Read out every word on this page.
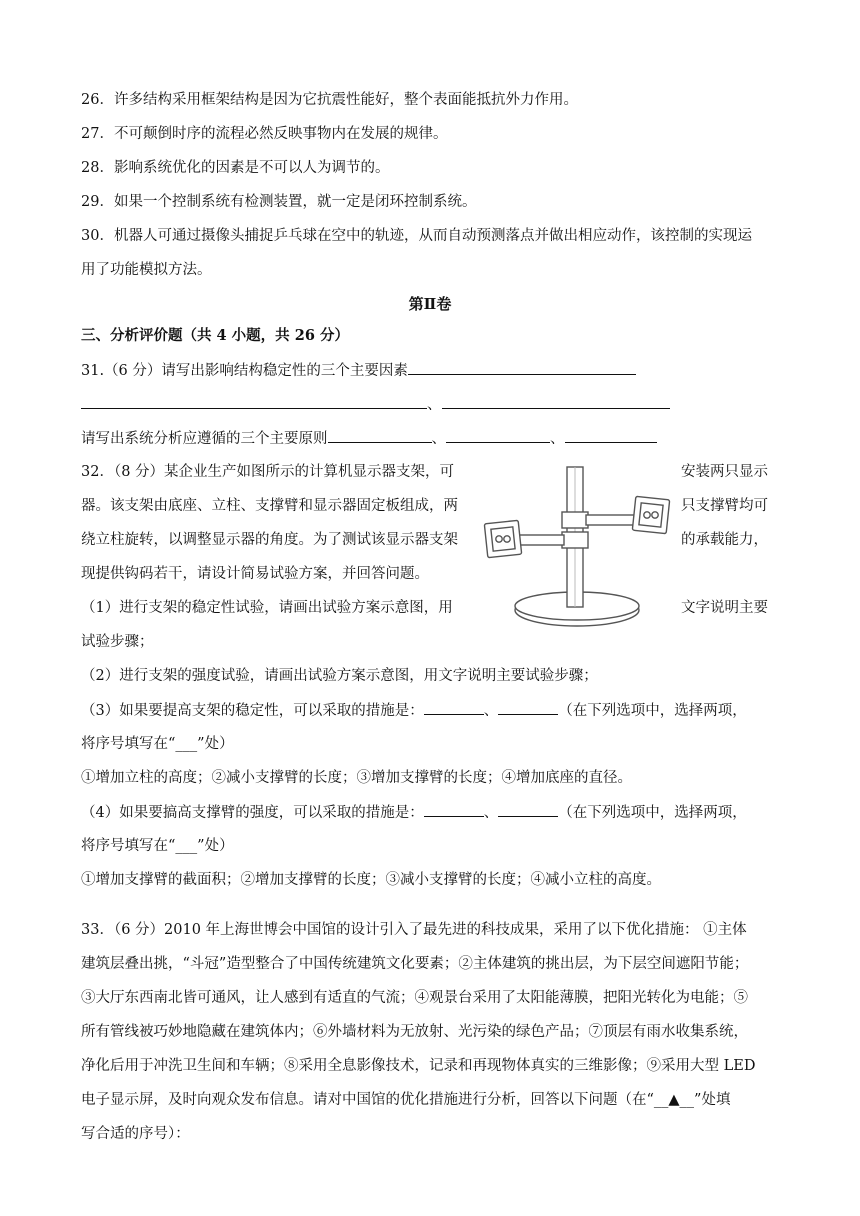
26．许多结构采用框架结构是因为它抗震性能好，整个表面能抵抗外力作用。
27．不可颠倒时序的流程必然反映事物内在发展的规律。
28．影响系统优化的因素是不可以人为调节的。
29．如果一个控制系统有检测装置，就一定是闭环控制系统。
30．机器人可通过摄像头捕捉乒乓球在空中的轨迹，从而自动预测落点并做出相应动作，该控制的实现运
用了功能模拟方法。
第Ⅱ卷
三、分析评价题（共 4 小题，共 26 分）
31.（6 分）请写出影响结构稳定性的三个主要因素
、
请写出系统分析应遵循的三个主要原则	、	、
32．（8 分）某企业生产如图所示的计算机显示器支架，可	安装两只显示
器。该支架由底座、立柱、支撑臂和显示器固定板组成，两	只支撑臂均可
绕立柱旋转，以调整显示器的角度。为了测试该显示器支架	的承载能力，
现提供钩码若干，请设计简易试验方案，并回答问题。
（1）进行支架的稳定性试验，请画出试验方案示意图，用	文字说明主要
试验步骤；
（2）进行支架的强度试验，请画出试验方案示意图，用文字说明主要试验步骤；
（3）如果要提高支架的稳定性，可以采取的措施是：	、	（在下列选项中，选择两项，
将序号填写在“___”处）
①增加立柱的高度；②减小支撑臂的长度；③增加支撑臂的长度；④增加底座的直径。
（4）如果要搞高支撑臂的强度，可以采取的措施是：	、	（在下列选项中，选择两项，
将序号填写在“___”处）
①增加支撑臂的截面积；②增加支撑臂的长度；③减小支撑臂的长度；④减小立柱的高度。
33．（6 分）2010 年上海世博会中国馆的设计引入了最先进的科技成果，采用了以下优化措施： ①主体
建筑层叠出挑，“斗冠”造型整合了中国传统建筑文化要素；②主体建筑的挑出层，为下层空间遮阳节能；
③大厅东西南北皆可通风，让人感到有适直的气流；④观景台采用了太阳能薄膜，把阳光转化为电能；⑤
所有管线被巧妙地隐藏在建筑体内；⑥外墙材料为无放射、光污染的绿色产品；⑦顶层有雨水收集系统，
净化后用于冲洗卫生间和车辆；⑧采用全息影像技术，记录和再现物体真实的三维影像；⑨采用大型 LED
电子显示屏，及时向观众发布信息。请对中国馆的优化措施进行分析，回答以下问题（在“__▲__”处填
写合适的序号）：
